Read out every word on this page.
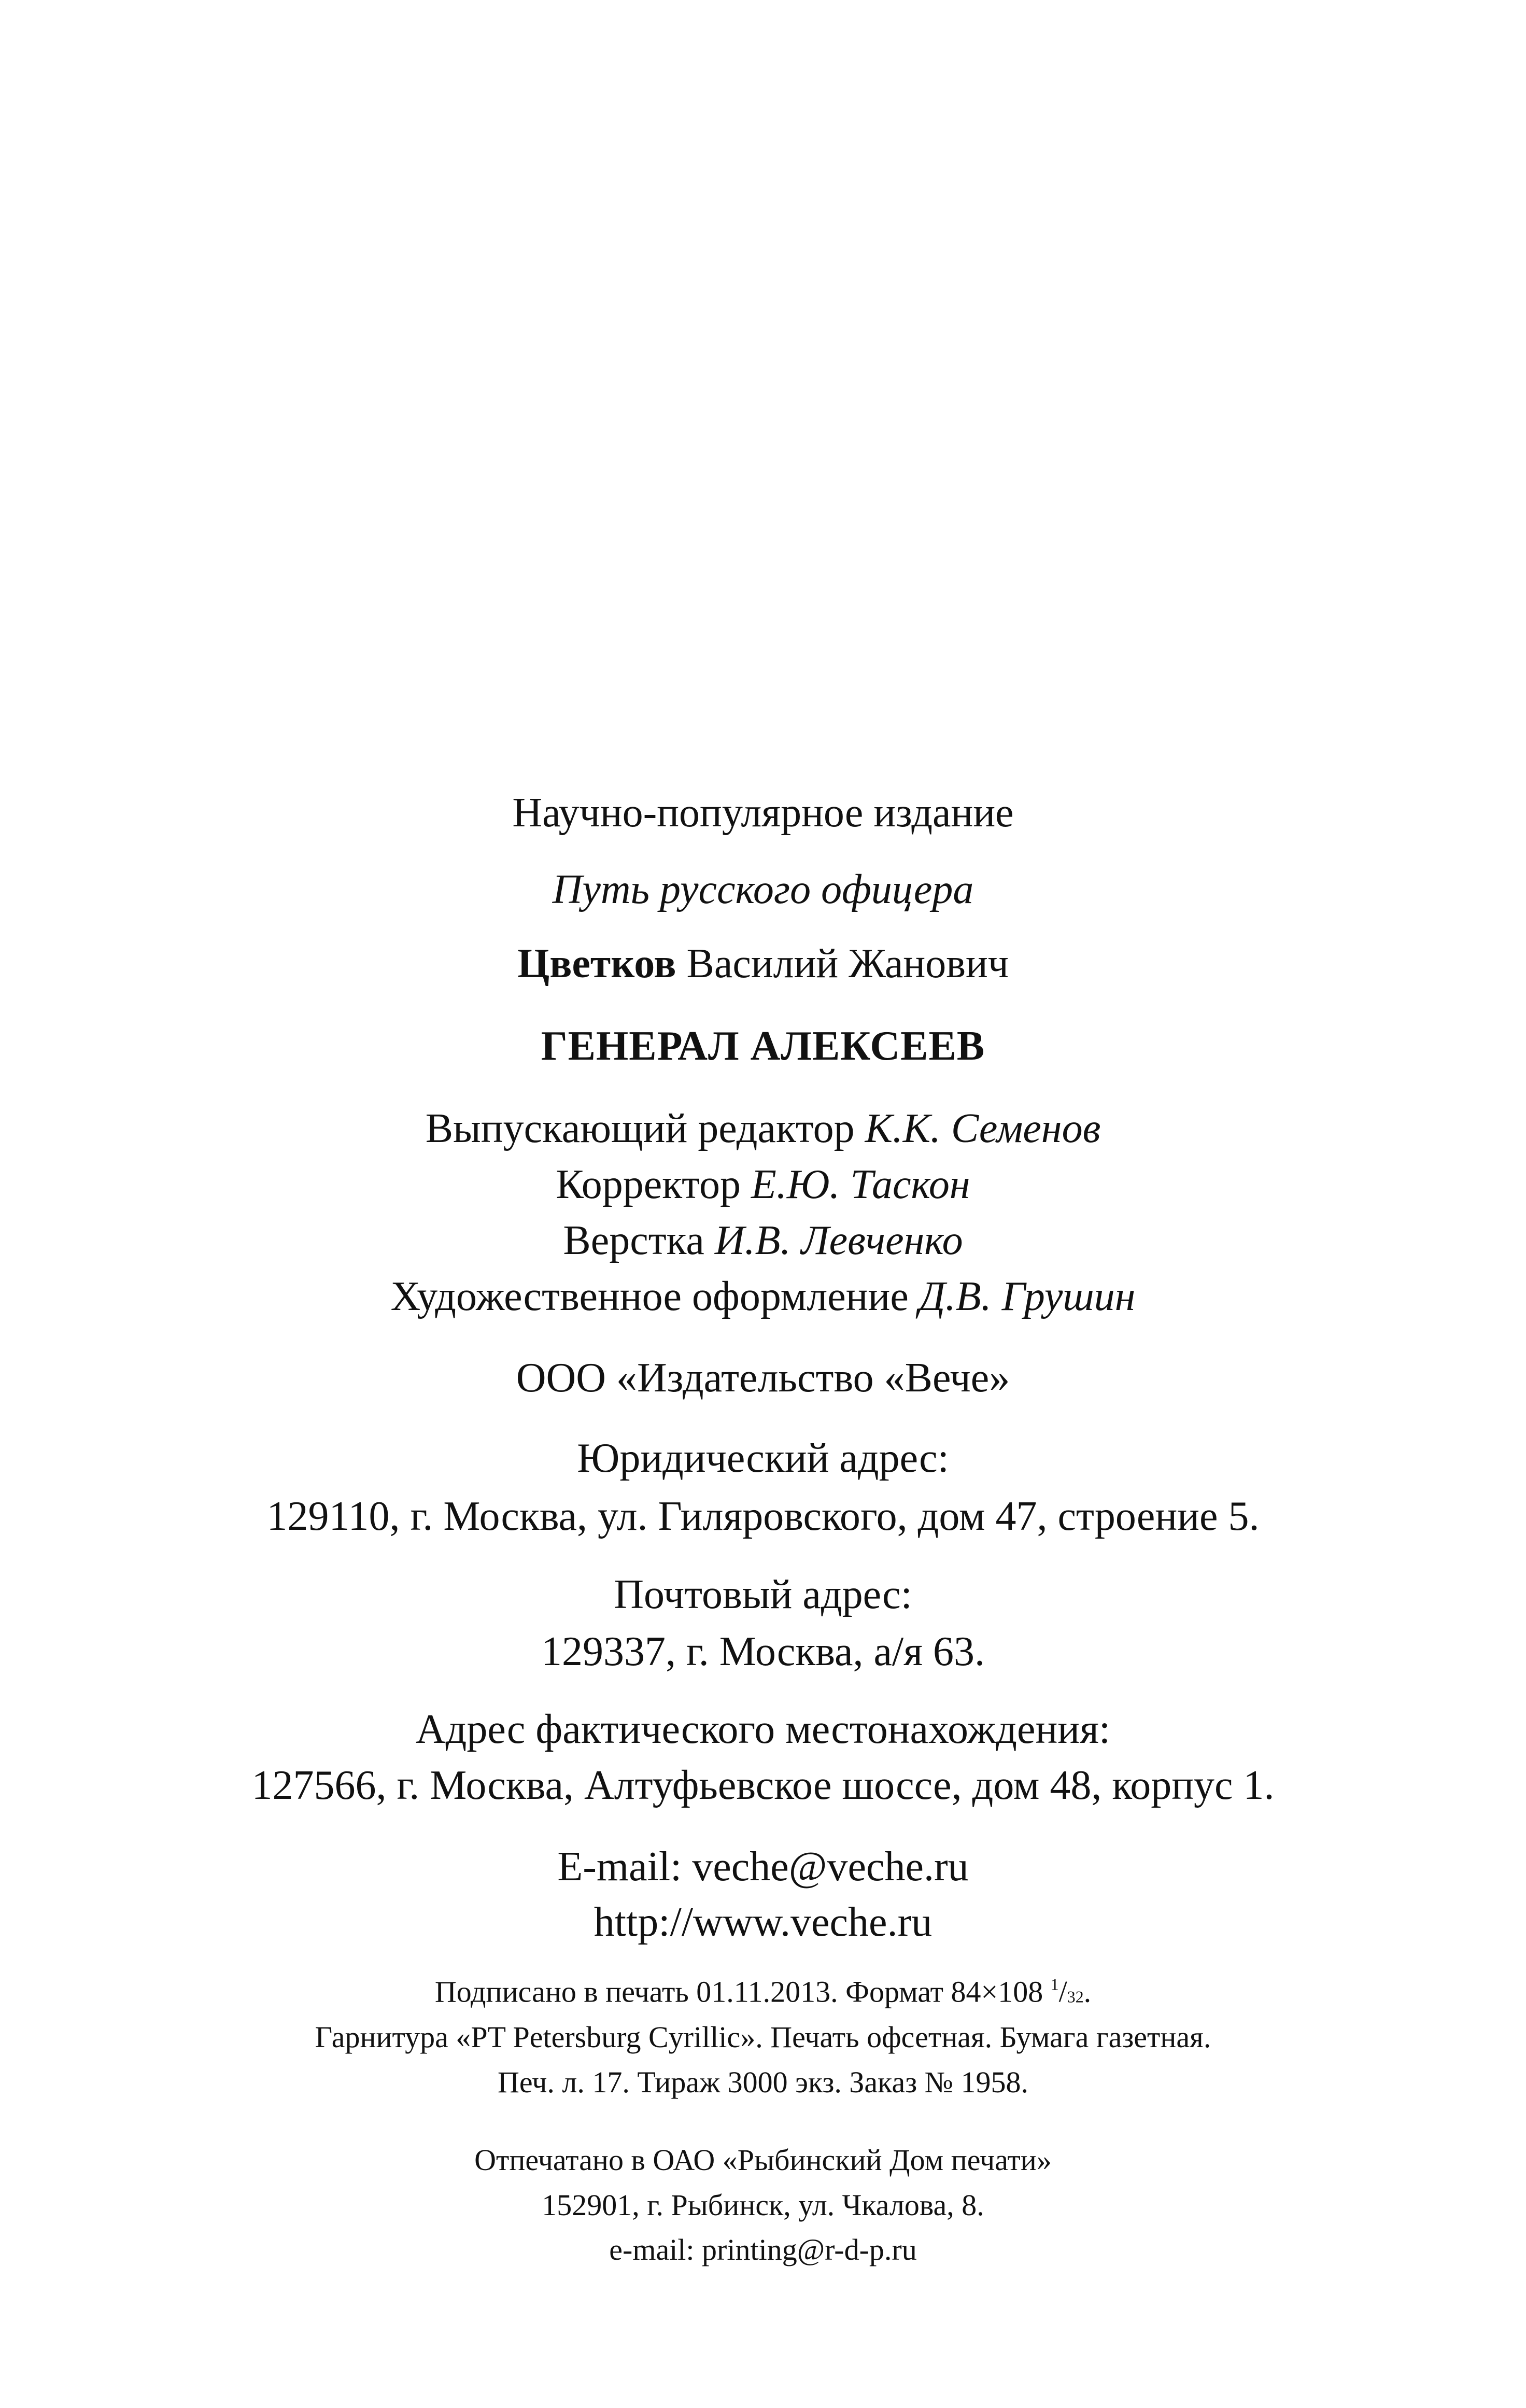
Научно-популярное издание
Путь русского офицера
Цветков Василий Жанович
ГЕНЕРАЛ АЛЕКСЕЕВ
Выпускающий редактор К.К. Семенов
Корректор Е.Ю. Таскон
Верстка И.В. Левченко
Художественное оформление Д.В. Грушин
ООО «Издательство «Вече»
Юридический адрес:
129110, г. Москва, ул. Гиляровского, дом 47, строение 5.
Почтовый адрес:
129337, г. Москва, а/я 63.
Адрес фактического местонахождения:
127566, г. Москва, Алтуфьевское шоссе, дом 48, корпус 1.
E-mail: veche@veche.ru
http://www.veche.ru
Подписано в печать 01.11.2013. Формат 84×108 $^1$/32.
Гарнитура «PT Petersburg Cyrillic». Печать офсетная. Бумага газетная.
Печ. л. 17. Тираж 3000 экз. Заказ № 1958.
Отпечатано в ОАО «Рыбинский Дом печати»
152901, г. Рыбинск, ул. Чкалова, 8.
e-mail: printing@r-d-p.ru
